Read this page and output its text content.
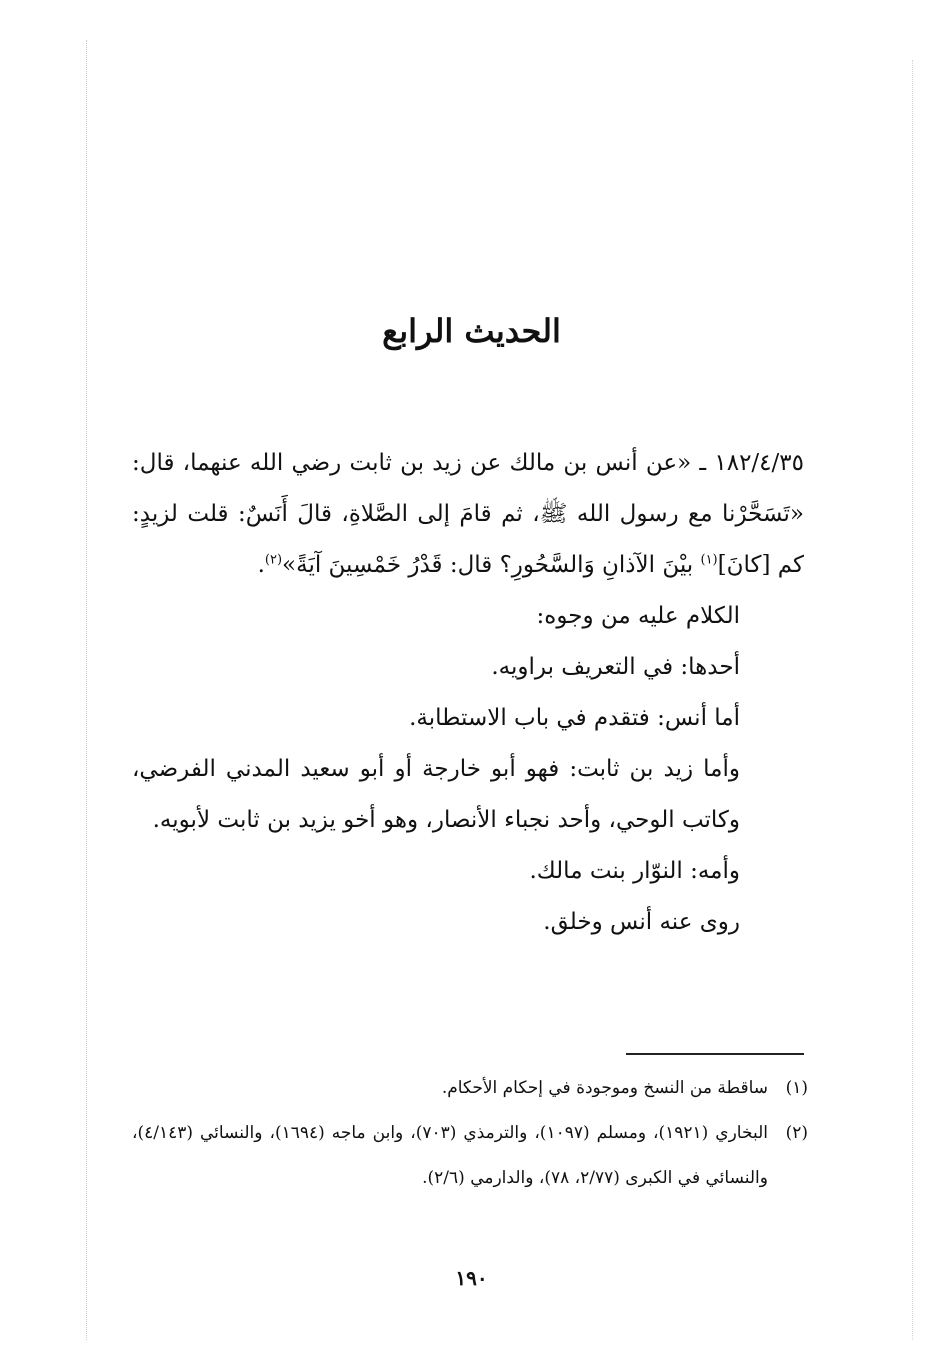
الحديث الرابع

١٨٢/٤/٣٥ ـ «عن أنس بن مالك عن زيد بن ثابت رضي الله عنهما، قال: «تَسَحَّرْنا مع رسول الله ﷺ، ثم قامَ إلى الصَّلاةِ، قالَ أَنَسٌ: قلت لزيدٍ: كم [كانَ]$^{(١)}$ بيْنَ الآذانِ وَالسَّحُورِ؟ قال: قَدْرُ خَمْسِينَ آيَةً»$^{(٢)}$.

الكلام عليه من وجوه:

أحدها: في التعريف براويه.

أما أنس: فتقدم في باب الاستطابة.

وأما زيد بن ثابت: فهو أبو خارجة أو أبو سعيد المدني الفرضي، وكاتب الوحي، وأحد نجباء الأنصار، وهو أخو يزيد بن ثابت لأبويه.

وأمه: النوّار بنت مالك.

روى عنه أنس وخلق.

(١)
ساقطة من النسخ وموجودة في إحكام الأحكام.
(٢)
البخاري (١٩٢١)، ومسلم (١٠٩٧)، والترمذي (٧٠٣)، وابن ماجه (١٦٩٤)، والنسائي (٤/١٤٣)، والنسائي في الكبرى (٢/٧٧، ٧٨)، والدارمي (٢/٦).
١٩٠
